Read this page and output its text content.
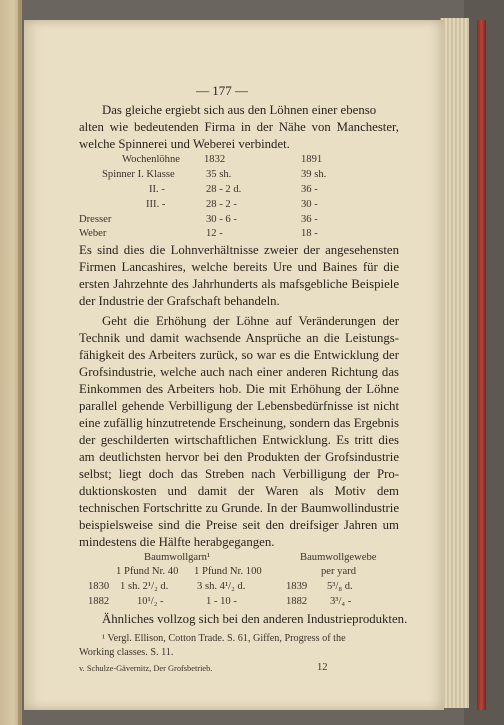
— 177 —
Das gleiche ergiebt sich aus den Löhnen einer ebenso
alten wie bedeutenden Firma in der Nähe von Manchester,
welche Spinnerei und Weberei verbindet.
Wochenlöhne 1832	1891
Spinner I. Klasse	35 sh.	39 sh.
II. -	28 - 2 d.	36 -
III. -	28 - 2 -	30 -
Dresser	30 - 6 -	36 -
Weber	12 -	18 -
Es sind dies die Lohnverhältnisse zweier der angesehensten
Firmen Lancashires, welche bereits Ure und Baines für die
ersten Jahrzehnte des Jahrhunderts als mafsgebliche Beispiele
der Industrie der Grafschaft behandeln.
Geht die Erhöhung der Löhne auf Veränderungen der
Technik und damit wachsende Ansprüche an die Leistungs-
fähigkeit des Arbeiters zurück, so war es die Entwicklung der
Grofsindustrie, welche auch nach einer anderen Richtung das
Einkommen des Arbeiters hob. Die mit Erhöhung der Löhne
parallel gehende Verbilligung der Lebensbedürfnisse ist nicht
eine zufällig hinzutretende Erscheinung, sondern das Ergebnis
der geschilderten wirtschaftlichen Entwicklung. Es tritt dies
am deutlichsten hervor bei den Produkten der Grofsindustrie
selbst; liegt doch das Streben nach Verbilligung der Pro-
duktionskosten und damit der Waren als Motiv dem
technischen Fortschritte zu Grunde. In der Baumwollindustrie
beispielsweise sind die Preise seit den dreifsiger Jahren um
mindestens die Hälfte herabgegangen.
Baumwollgarn¹	Baumwollgewebe
1 Pfund Nr. 40 1 Pfund Nr. 100	per yard
1830 1 sh. 2¹/₂ d.	3 sh. 4¹/₂ d.	1839 5³/₈ d.
1882	10¹/₂ -	1 - 10 -	1882 3³/₄ -
Ähnliches vollzog sich bei den anderen Industrieprodukten.
¹ Vergl. Ellison, Cotton Trade. S. 61, Giffen, Progress of the
Working classes. S. 11.
v. Schulze-Gävernitz, Der Grofsbetrieb.	12
